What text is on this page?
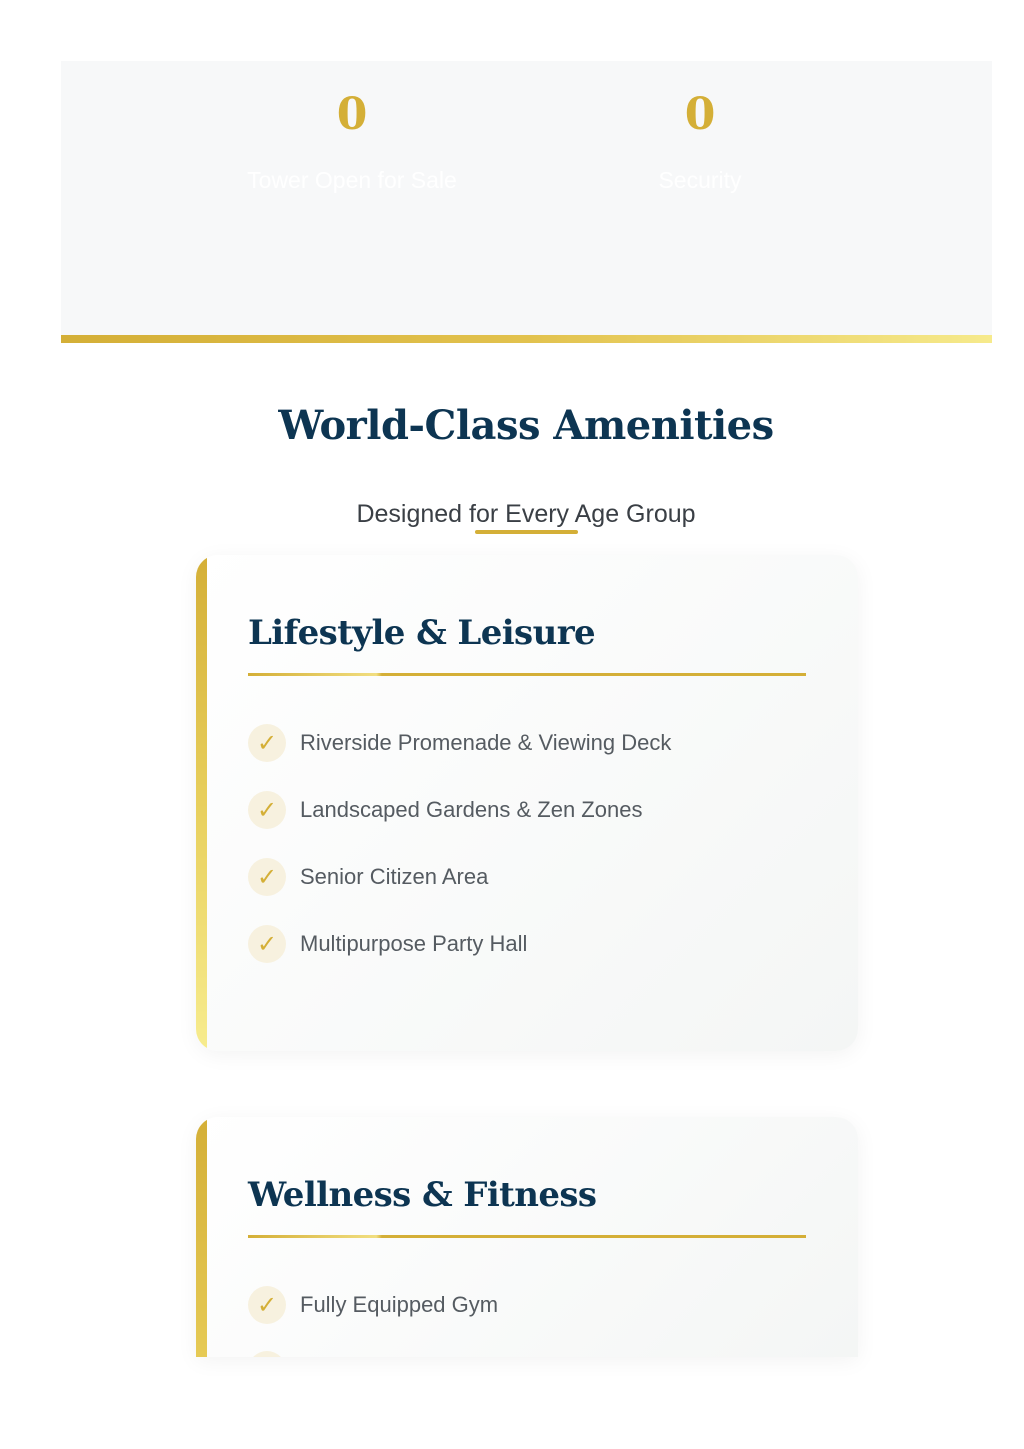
0
Tower Open for Sale
0
Security
World-Class Amenities

Designed for Every Age Group

Lifestyle & Leisure
✓	Riverside Promenade & Viewing Deck
✓	Landscaped Gardens & Zen Zones
✓	Senior Citizen Area
✓	Multipurpose Party Hall
Wellness & Fitness
✓	Fully Equipped Gym
